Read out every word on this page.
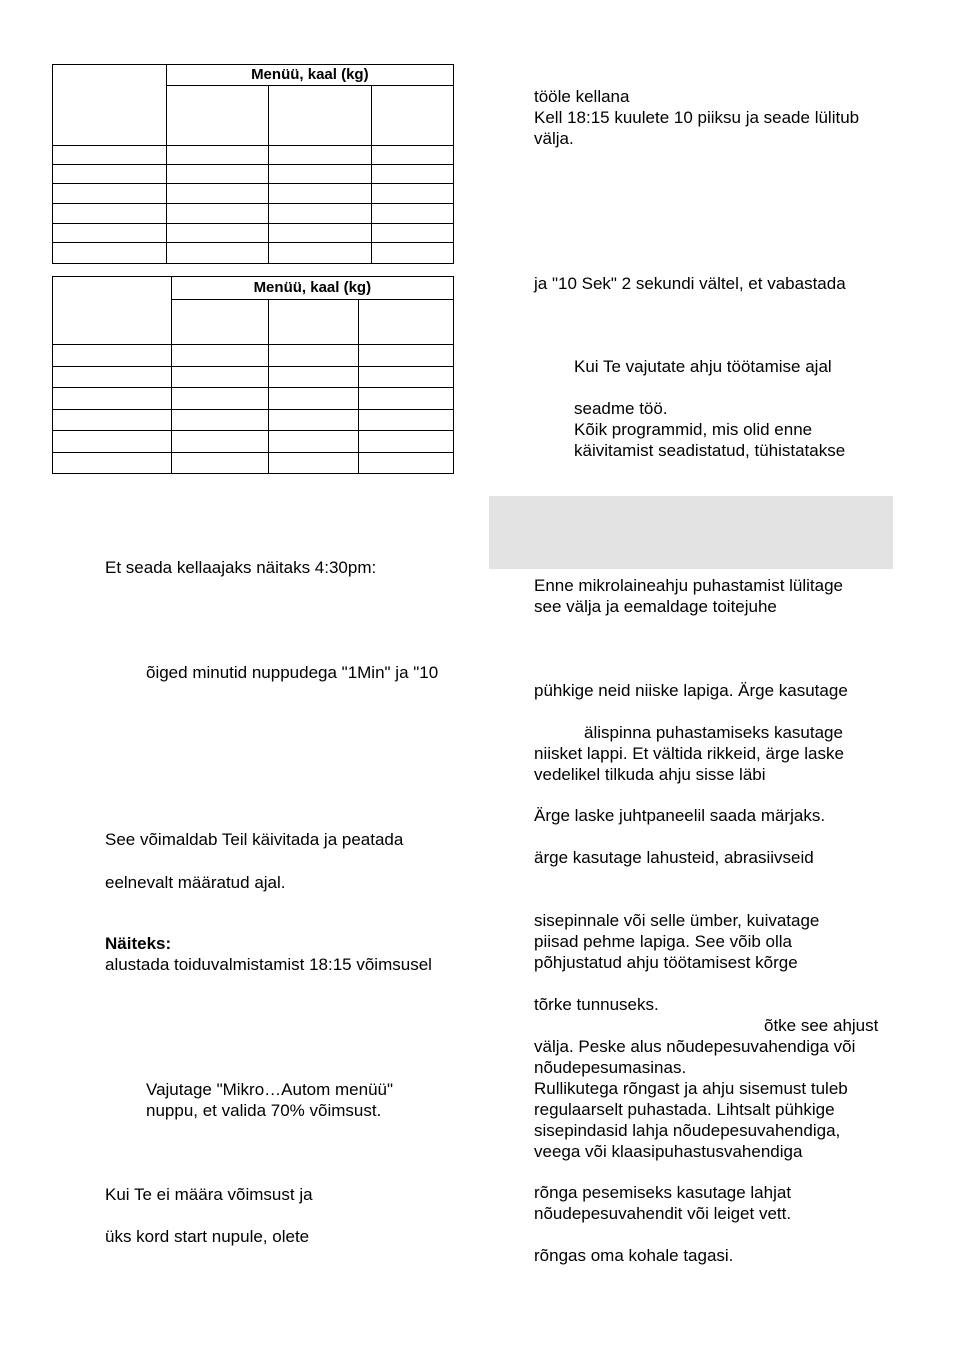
	Menüü, kaal (kg)		

	Menüü, kaal (kg)		

Et seada kellaajaks näitaks 4:30pm:
õiged minutid nuppudega "1Min" ja "10
See võimaldab Teil käivitada ja peatada
eelnevalt määratud ajal.
Näiteks:
alustada toiduvalmistamist 18:15 võimsusel
Vajutage "Mikro…Autom menüü"
nuppu, et valida 70% võimsust.
Kui Te ei määra võimsust ja
üks kord start nupule, olete
tööle kellana
Kell 18:15 kuulete 10 piiksu ja seade lülitub
välja.
ja "10 Sek" 2 sekundi vältel, et vabastada
Kui Te vajutate ahju töötamise ajal
seadme töö.
Kõik programmid, mis olid enne
käivitamist seadistatud, tühistatakse
Enne mikrolaineahju puhastamist lülitage
see välja ja eemaldage toitejuhe
pühkige neid niiske lapiga. Ärge kasutage
älispinna puhastamiseks kasutage
niisket lappi. Et vältida rikkeid, ärge laske
vedelikel tilkuda ahju sisse läbi
Ärge laske juhtpaneelil saada märjaks.
ärge kasutage lahusteid, abrasiivseid
sisepinnale või selle ümber, kuivatage
piisad pehme lapiga. See võib olla
põhjustatud ahju töötamisest kõrge
tõrke tunnuseks.
õtke see ahjust
välja. Peske alus nõudepesuvahendiga või
nõudepesumasinas.
Rullikutega rõngast ja ahju sisemust tuleb
regulaarselt puhastada. Lihtsalt pühkige
sisepindasid lahja nõudepesuvahendiga,
veega või klaasipuhastusvahendiga
rõnga pesemiseks kasutage lahjat
nõudepesuvahendit või leiget vett.
rõngas oma kohale tagasi.
